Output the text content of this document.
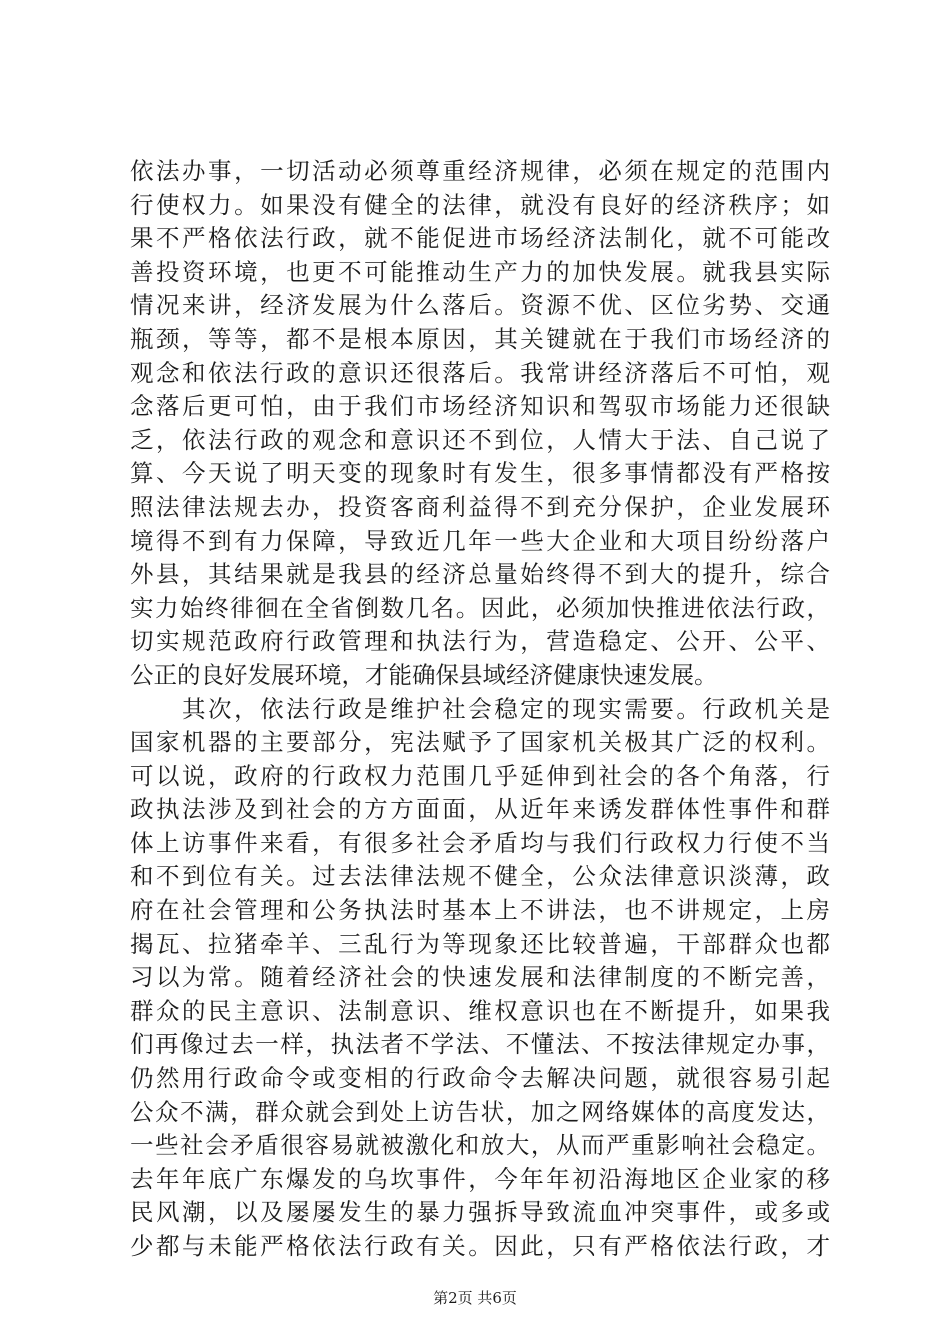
依法办事，一切活动必须尊重经济规律，必须在规定的范围内
行使权力。如果没有健全的法律，就没有良好的经济秩序；如
果不严格依法行政，就不能促进市场经济法制化，就不可能改
善投资环境，也更不可能推动生产力的加快发展。就我县实际
情况来讲，经济发展为什么落后。资源不优、区位劣势、交通
瓶颈，等等，都不是根本原因，其关键就在于我们市场经济的
观念和依法行政的意识还很落后。我常讲经济落后不可怕，观
念落后更可怕，由于我们市场经济知识和驾驭市场能力还很缺
乏，依法行政的观念和意识还不到位，人情大于法、自己说了
算、今天说了明天变的现象时有发生，很多事情都没有严格按
照法律法规去办，投资客商利益得不到充分保护，企业发展环
境得不到有力保障，导致近几年一些大企业和大项目纷纷落户
外县，其结果就是我县的经济总量始终得不到大的提升，综合
实力始终徘徊在全省倒数几名。因此，必须加快推进依法行政，
切实规范政府行政管理和执法行为，营造稳定、公开、公平、
公正的良好发展环境，才能确保县域经济健康快速发展。
　　其次，依法行政是维护社会稳定的现实需要。行政机关是
国家机器的主要部分，宪法赋予了国家机关极其广泛的权利。
可以说，政府的行政权力范围几乎延伸到社会的各个角落，行
政执法涉及到社会的方方面面，从近年来诱发群体性事件和群
体上访事件来看，有很多社会矛盾均与我们行政权力行使不当
和不到位有关。过去法律法规不健全，公众法律意识淡薄，政
府在社会管理和公务执法时基本上不讲法，也不讲规定，上房
揭瓦、拉猪牵羊、三乱行为等现象还比较普遍，干部群众也都
习以为常。随着经济社会的快速发展和法律制度的不断完善，
群众的民主意识、法制意识、维权意识也在不断提升，如果我
们再像过去一样，执法者不学法、不懂法、不按法律规定办事，
仍然用行政命令或变相的行政命令去解决问题，就很容易引起
公众不满，群众就会到处上访告状，加之网络媒体的高度发达，
一些社会矛盾很容易就被激化和放大，从而严重影响社会稳定。
去年年底广东爆发的乌坎事件，今年年初沿海地区企业家的移
民风潮，以及屡屡发生的暴力强拆导致流血冲突事件，或多或
少都与未能严格依法行政有关。因此，只有严格依法行政，才
第2页 共6页
